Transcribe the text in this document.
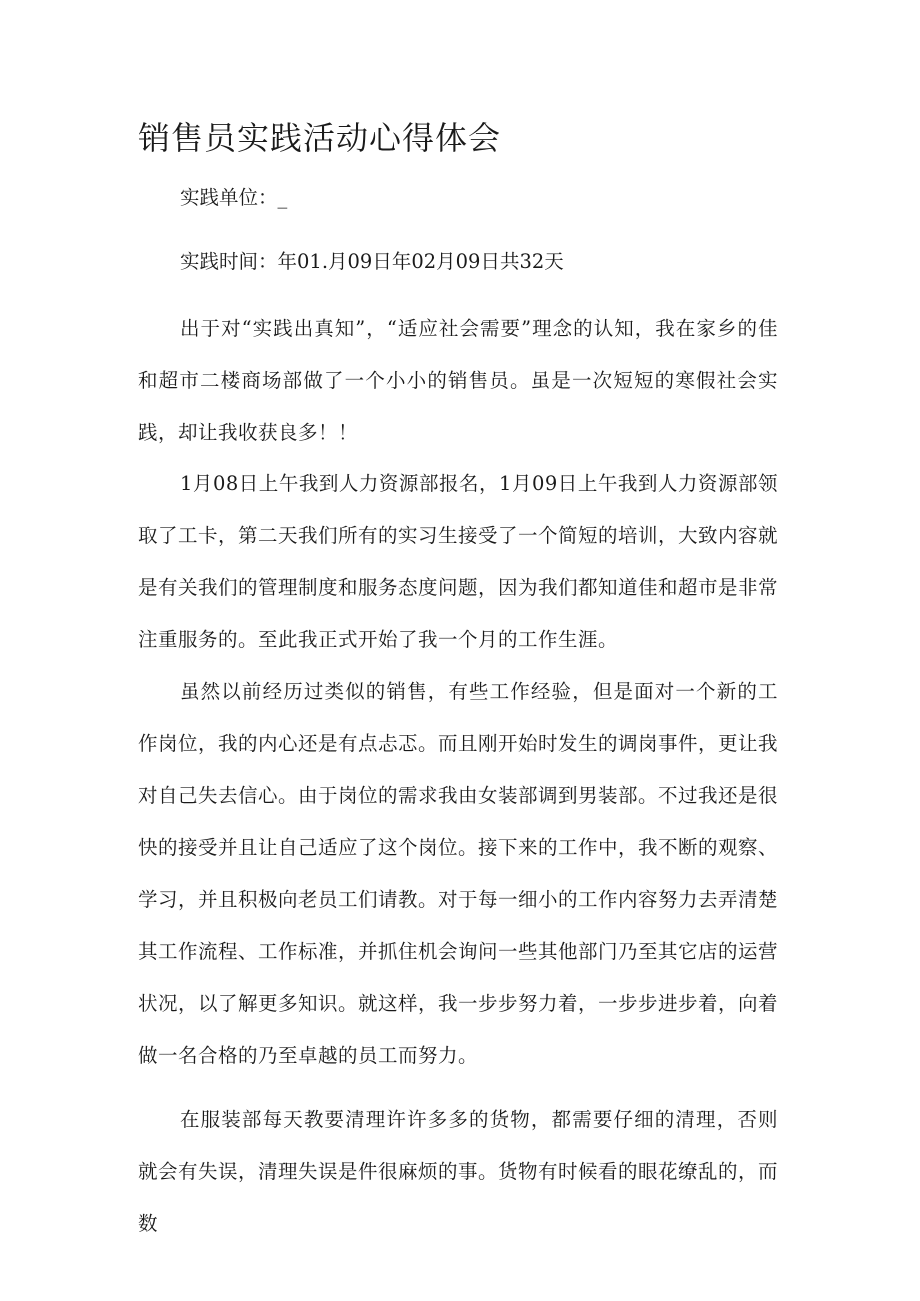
销售员实践活动心得体会

实践单位：_

实践时间：年01.月09日年02月09日共32天

出于对“实践出真知”，“适应社会需要”理念的认知，我在家乡的佳和超市二楼商场部做了一个小小的销售员。虽是一次短短的寒假社会实践，却让我收获良多！！

1月08日上午我到人力资源部报名，1月09日上午我到人力资源部领取了工卡，第二天我们所有的实习生接受了一个简短的培训，大致内容就是有关我们的管理制度和服务态度问题，因为我们都知道佳和超市是非常注重服务的。至此我正式开始了我一个月的工作生涯。

虽然以前经历过类似的销售，有些工作经验，但是面对一个新的工作岗位，我的内心还是有点忐忑。而且刚开始时发生的调岗事件，更让我对自己失去信心。由于岗位的需求我由女装部调到男装部。不过我还是很快的接受并且让自己适应了这个岗位。接下来的工作中，我不断的观察、学习，并且积极向老员工们请教。对于每一细小的工作内容努力去弄清楚其工作流程、工作标准，并抓住机会询问一些其他部门乃至其它店的运营状况，以了解更多知识。就这样，我一步步努力着，一步步进步着，向着做一名合格的乃至卓越的员工而努力。

在服装部每天教要清理许许多多的货物，都需要仔细的清理，否则就会有失误，清理失误是件很麻烦的事。货物有时候看的眼花缭乱的，而数
